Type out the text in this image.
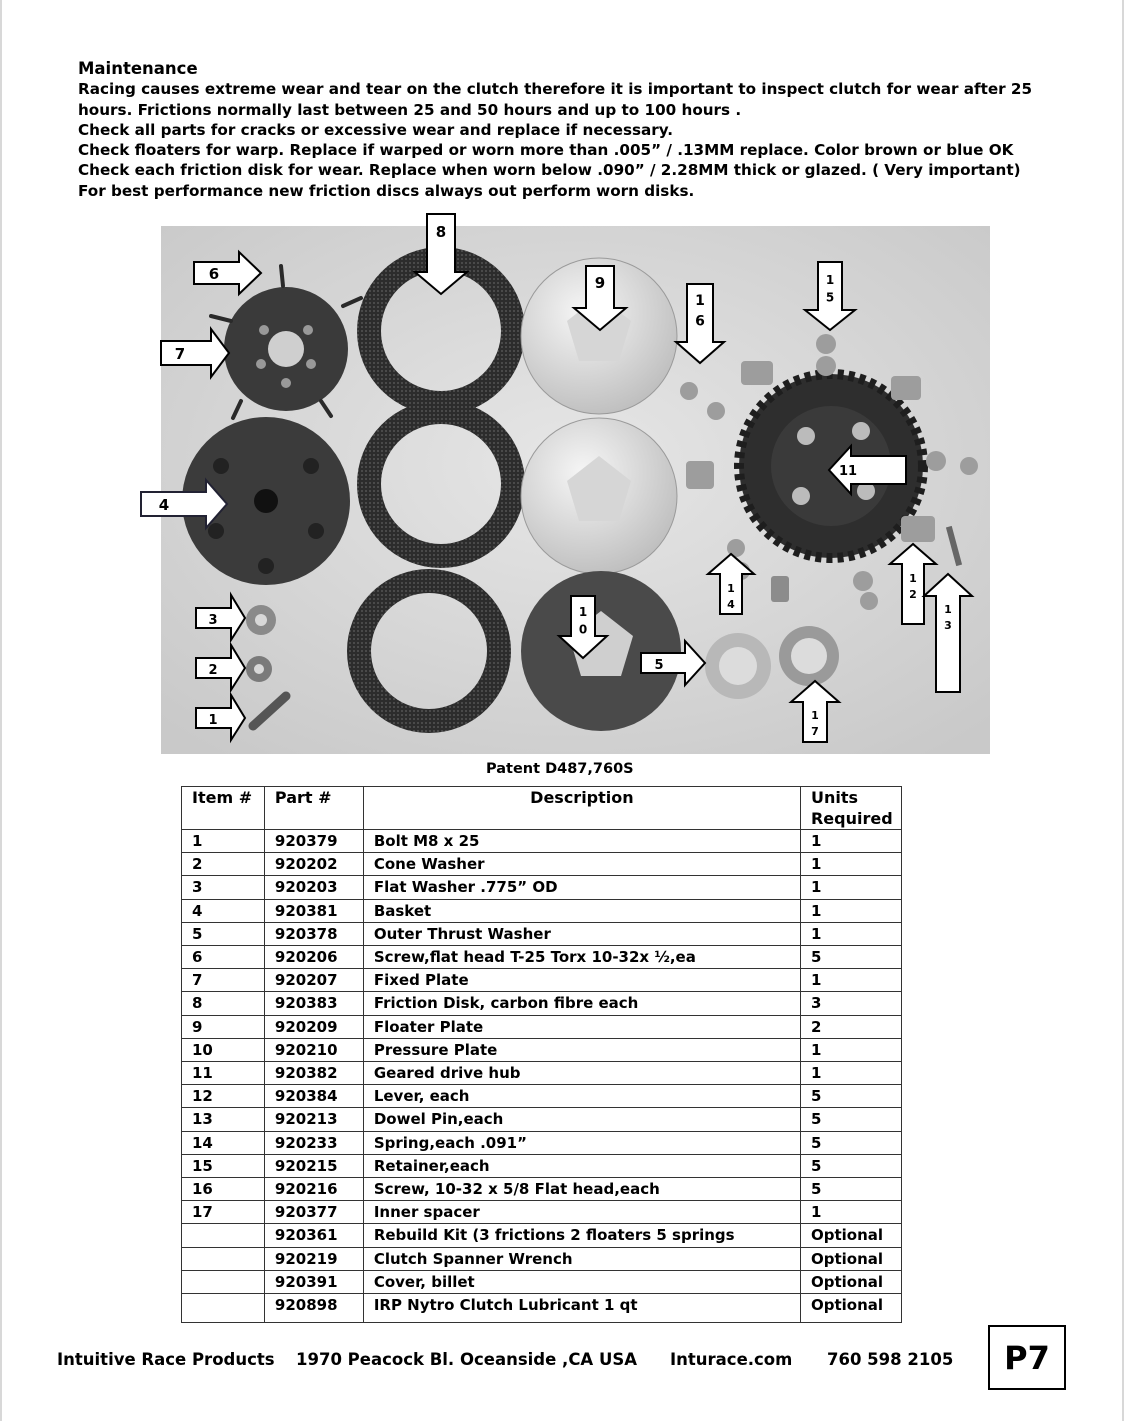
Maintenance
Racing causes extreme wear and tear on the clutch therefore it is important to inspect clutch for wear after 25
hours. Frictions normally last between 25 and 50 hours and up to 100 hours .
Check all parts for cracks or excessive wear and replace if necessary.
Check floaters for warp. Replace if warped or worn more than .005” / .13MM replace. Color brown or blue OK
Check each friction disk for wear. Replace when worn below .090” / 2.28MM thick or glazed. ( Very important)
For best performance new friction discs always out perform worn disks.
6
7
8
9
1 6
1 5
11
4
3
2
1
1 0
5
1 4
1 2
1 3
1 7
Patent D487,760S
Item #	Part #	Description	Units Required
1	920379	Bolt M8 x 25	1
2	920202	Cone Washer	1
3	920203	Flat Washer .775” OD	1
4	920381	Basket	1
5	920378	Outer Thrust Washer	1
6	920206	Screw,flat head T-25 Torx 10-32x ½,ea	5
7	920207	Fixed Plate	1
8	920383	Friction Disk, carbon fibre each	3
9	920209	Floater Plate	2
10	920210	Pressure Plate	1
11	920382	Geared drive hub	1
12	920384	Lever, each	5
13	920213	Dowel Pin,each	5
14	920233	Spring,each .091”	5
15	920215	Retainer,each	5
16	920216	Screw, 10-32 x 5/8 Flat head,each	5
17	920377	Inner spacer	1
	920361	Rebuild Kit (3 frictions 2 floaters 5 springs	Optional
	920219	Clutch Spanner Wrench	Optional
	920391	Cover, billet	Optional
	920898	IRP Nytro Clutch Lubricant 1 qt	Optional
Intuitive Race Products 1970 Peacock Bl. Oceanside ,CA USA Inturace.com 760 598 2105	P7
